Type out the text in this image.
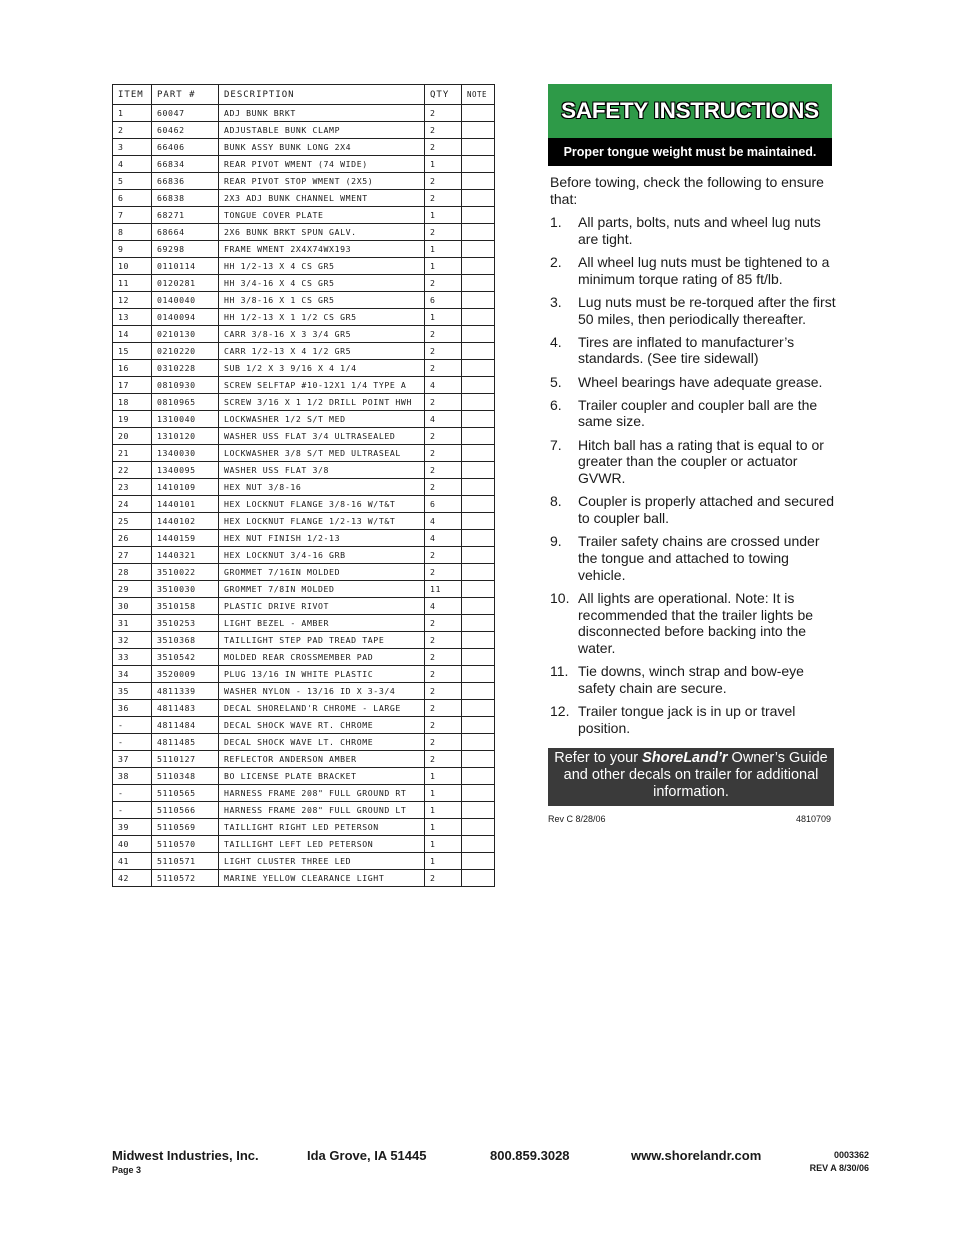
ITEM	PART #	DESCRIPTION	QTY	NOTE
1	60047	ADJ BUNK BRKT	2	
2	60462	ADJUSTABLE BUNK CLAMP	2	
3	66406	BUNK ASSY BUNK LONG 2X4	2	
4	66834	REAR PIVOT WMENT (74 WIDE)	1	
5	66836	REAR PIVOT STOP WMENT (2X5)	2	
6	66838	2X3 ADJ BUNK CHANNEL WMENT	2	
7	68271	TONGUE COVER PLATE	1	
8	68664	2X6 BUNK BRKT SPUN GALV.	2	
9	69298	FRAME WMENT 2X4X74WX193	1	
10	0110114	HH 1/2-13 X 4 CS GR5	1	
11	0120281	HH 3/4-16 X 4 CS GR5	2	
12	0140040	HH 3/8-16 X 1 CS GR5	6	
13	0140094	HH 1/2-13 X 1 1/2 CS GR5	1	
14	0210130	CARR 3/8-16 X 3 3/4 GR5	2	
15	0210220	CARR 1/2-13 X 4 1/2 GR5	2	
16	0310228	SUB 1/2 X 3 9/16 X 4 1/4	2	
17	0810930	SCREW SELFTAP #10-12X1 1/4 TYPE A	4	
18	0810965	SCREW 3/16 X 1 1/2 DRILL POINT HWH	2	
19	1310040	LOCKWASHER 1/2 S/T MED	4	
20	1310120	WASHER USS FLAT 3/4 ULTRASEALED	2	
21	1340030	LOCKWASHER 3/8 S/T MED ULTRASEAL	2	
22	1340095	WASHER USS FLAT 3/8	2	
23	1410109	HEX NUT 3/8-16	2	
24	1440101	HEX LOCKNUT FLANGE 3/8-16 W/T&T	6	
25	1440102	HEX LOCKNUT FLANGE 1/2-13 W/T&T	4	
26	1440159	HEX NUT FINISH 1/2-13	4	
27	1440321	HEX LOCKNUT 3/4-16 GRB	2	
28	3510022	GROMMET 7/16IN MOLDED	2	
29	3510030	GROMMET 7/8IN MOLDED	11	
30	3510158	PLASTIC DRIVE RIVOT	4	
31	3510253	LIGHT BEZEL - AMBER	2	
32	3510368	TAILLIGHT STEP PAD TREAD TAPE	2	
33	3510542	MOLDED REAR CROSSMEMBER PAD	2	
34	3520009	PLUG 13/16 IN WHITE PLASTIC	2	
35	4811339	WASHER NYLON - 13/16 ID X 3-3/4	2	
36	4811483	DECAL SHORELAND'R CHROME - LARGE	2	
-	4811484	DECAL SHOCK WAVE RT. CHROME	2	
-	4811485	DECAL SHOCK WAVE LT. CHROME	2	
37	5110127	REFLECTOR ANDERSON AMBER	2	
38	5110348	BO LICENSE PLATE BRACKET	1	
-	5110565	HARNESS FRAME 208" FULL GROUND RT	1	
-	5110566	HARNESS FRAME 208" FULL GROUND LT	1	
39	5110569	TAILLIGHT RIGHT LED PETERSON	1	
40	5110570	TAILLIGHT LEFT LED PETERSON	1	
41	5110571	LIGHT CLUSTER THREE LED	1	
42	5110572	MARINE YELLOW CLEARANCE LIGHT	2	
SAFETY INSTRUCTIONS
Proper tongue weight must be maintained.

Before towing, check the following to ensure that:

1. All parts, bolts, nuts and wheel lug nuts are tight.
2. All wheel lug nuts must be tightened to a minimum torque rating of 85 ft/lb.
3. Lug nuts must be re-torqued after the first 50 miles, then periodically thereafter.
4. Tires are inflated to manufacturer’s standards. (See tire sidewall)
5. Wheel bearings have adequate grease.
6. Trailer coupler and coupler ball are the same size.
7. Hitch ball has a rating that is equal to or greater than the coupler or actuator GVWR.
8. Coupler is properly attached and secured to coupler ball.
9. Trailer safety chains are crossed under the tongue and attached to towing vehicle.
10. All lights are operational. Note: It is recommended that the trailer lights be disconnected before backing into the water.
11. Tie downs, winch strap and bow-eye safety chain are secure.
12. Trailer tongue jack is in up or travel position.
Refer to your ShoreLand’r Owner’s Guide and other decals on trailer for additional information.
Rev C 8/28/06	4810709
Midwest Industries, Inc.	Ida Grove, IA 51445	800.859.3028	www.shorelandr.com
Page 3
0003362
REV A 8/30/06
